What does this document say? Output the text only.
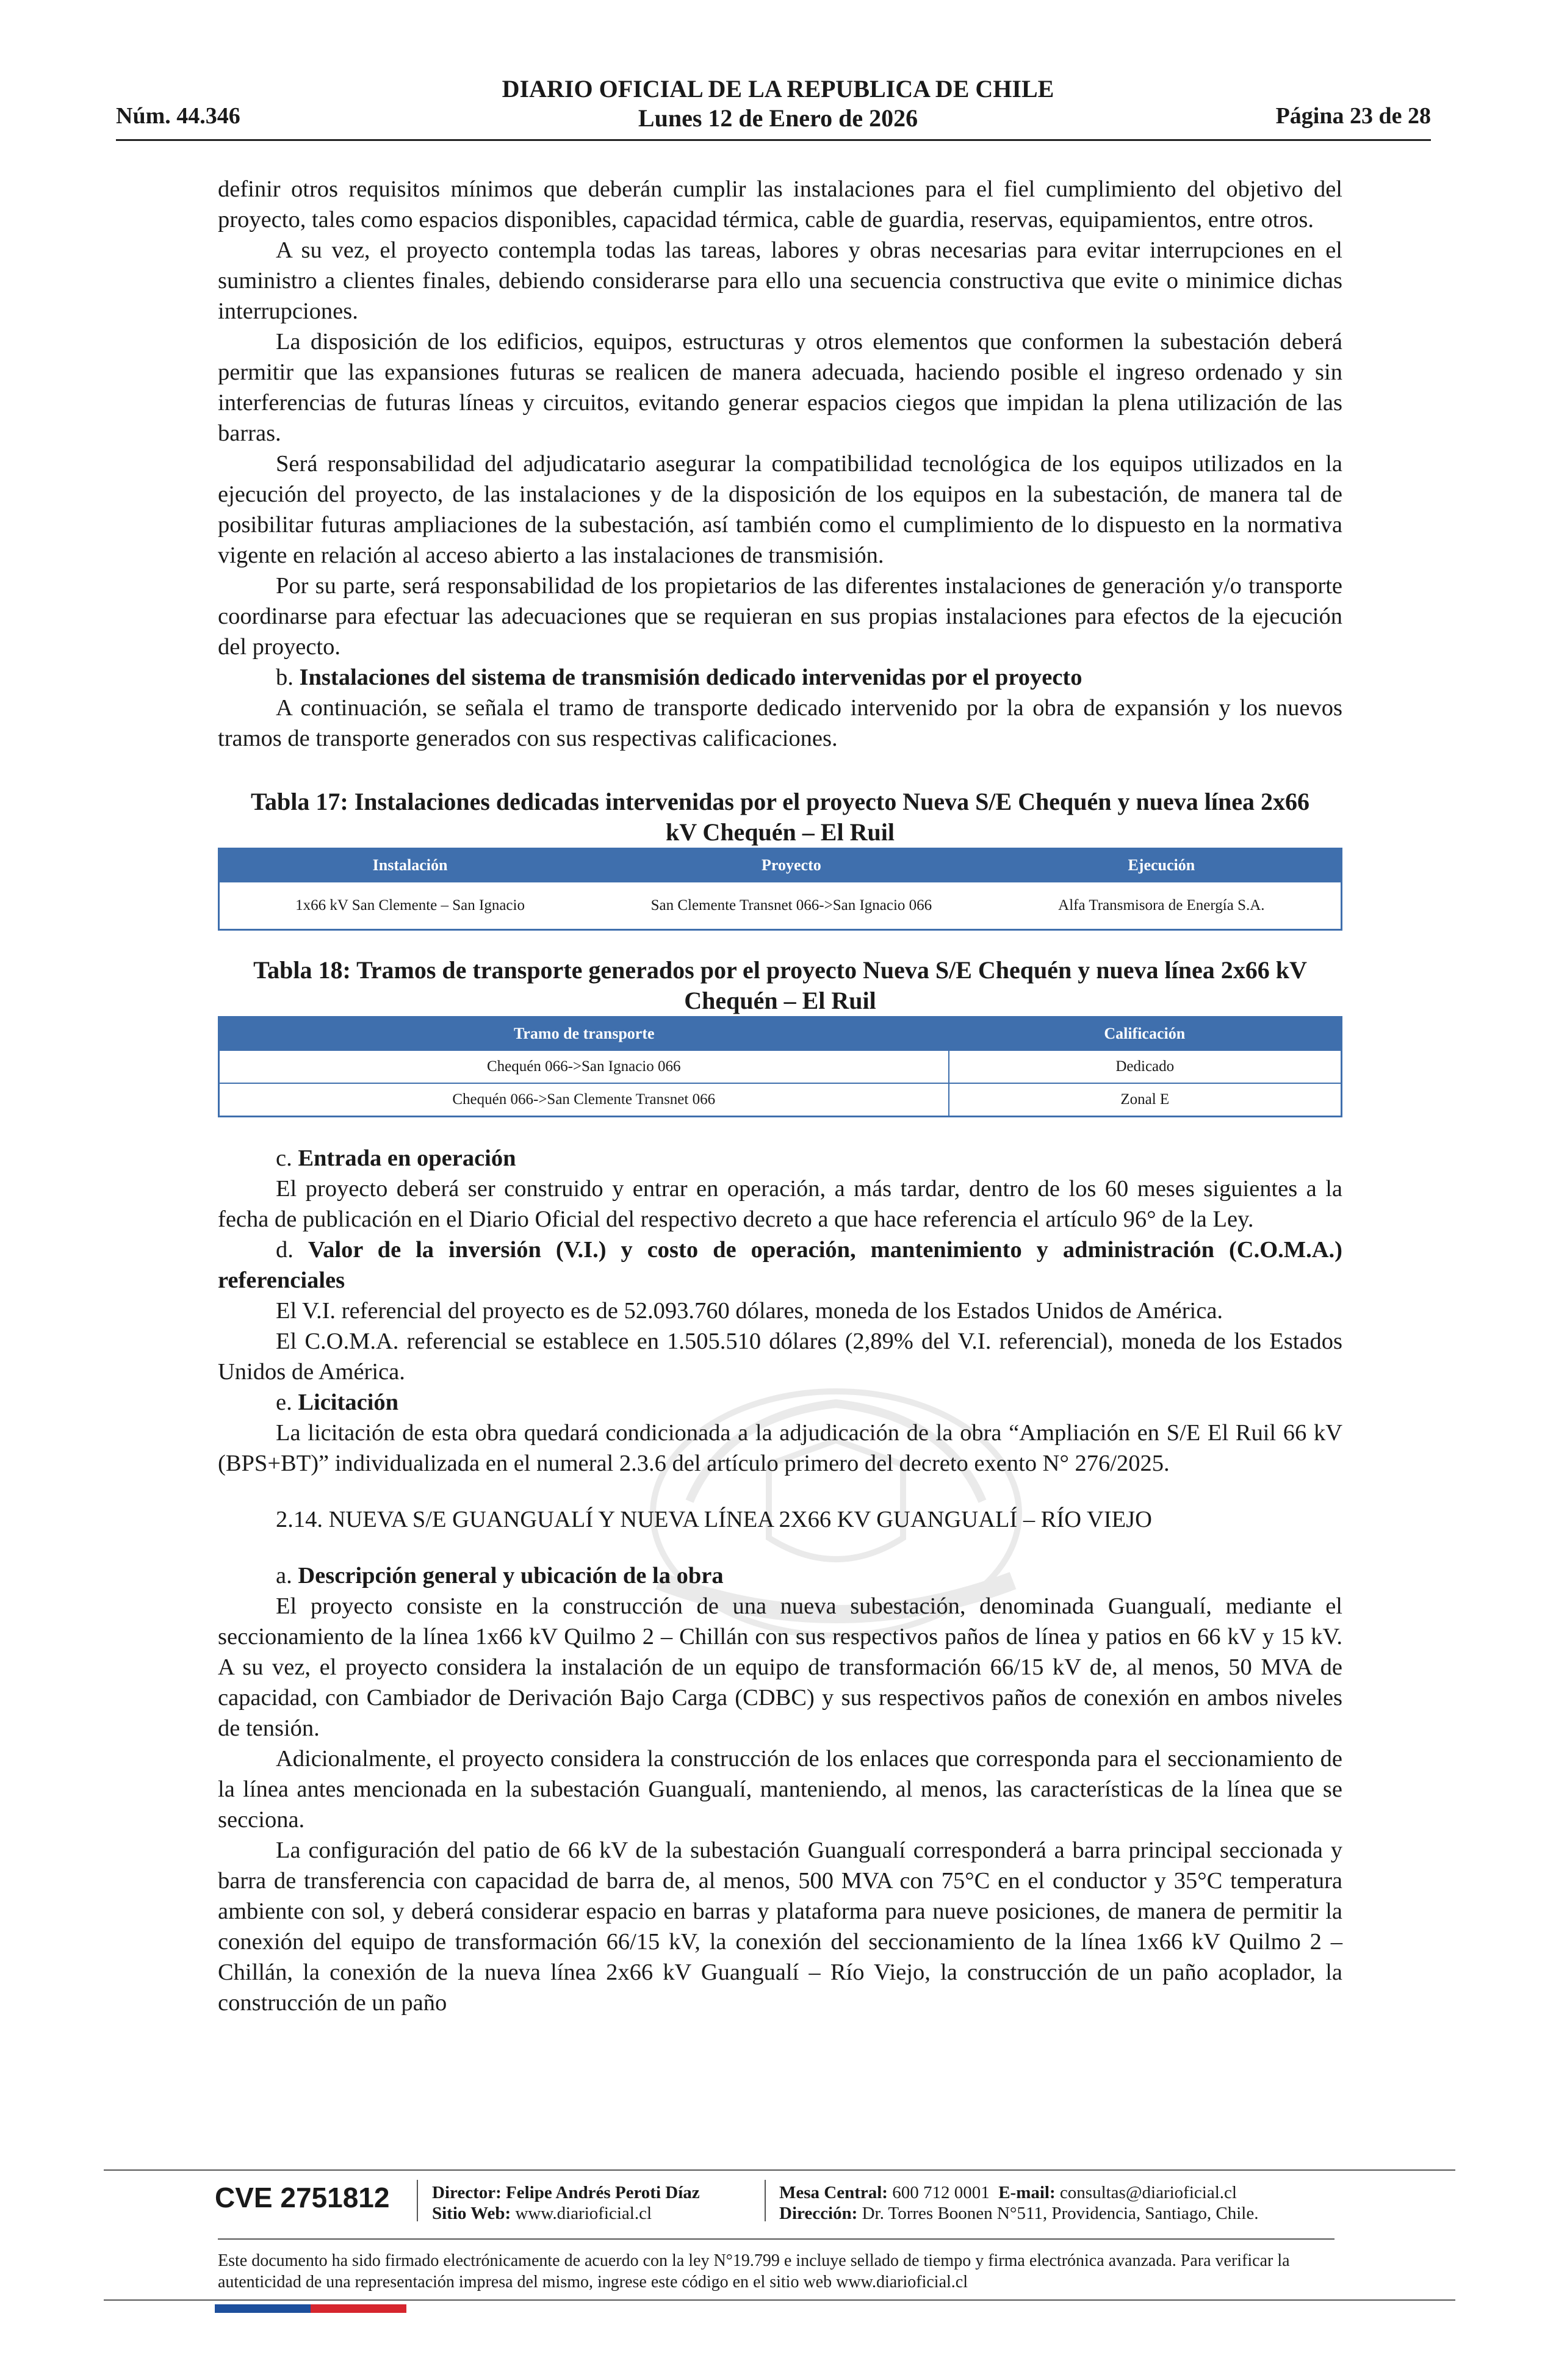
Núm. 44.346
DIARIO OFICIAL DE LA REPUBLICA DE CHILE
Lunes 12 de Enero de 2026	Página 23 de 28

definir otros requisitos mínimos que deberán cumplir las instalaciones para el fiel cumplimiento del objetivo del proyecto, tales como espacios disponibles, capacidad térmica, cable de guardia, reservas, equipamientos, entre otros.

A su vez, el proyecto contempla todas las tareas, labores y obras necesarias para evitar interrupciones en el suministro a clientes finales, debiendo considerarse para ello una secuencia constructiva que evite o minimice dichas interrupciones.

La disposición de los edificios, equipos, estructuras y otros elementos que conformen la subestación deberá permitir que las expansiones futuras se realicen de manera adecuada, haciendo posible el ingreso ordenado y sin interferencias de futuras líneas y circuitos, evitando generar espacios ciegos que impidan la plena utilización de las barras.

Será responsabilidad del adjudicatario asegurar la compatibilidad tecnológica de los equipos utilizados en la ejecución del proyecto, de las instalaciones y de la disposición de los equipos en la subestación, de manera tal de posibilitar futuras ampliaciones de la subestación, así también como el cumplimiento de lo dispuesto en la normativa vigente en relación al acceso abierto a las instalaciones de transmisión.

Por su parte, será responsabilidad de los propietarios de las diferentes instalaciones de generación y/o transporte coordinarse para efectuar las adecuaciones que se requieran en sus propias instalaciones para efectos de la ejecución del proyecto.

b. Instalaciones del sistema de transmisión dedicado intervenidas por el proyecto

A continuación, se señala el tramo de transporte dedicado intervenido por la obra de expansión y los nuevos tramos de transporte generados con sus respectivas calificaciones.

Tabla 17: Instalaciones dedicadas intervenidas por el proyecto Nueva S/E Chequén y nueva línea 2x66 kV Chequén – El Ruil
Instalación	Proyecto	Ejecución
1x66 kV San Clemente – San Ignacio	San Clemente Transnet 066->San Ignacio 066	Alfa Transmisora de Energía S.A.
Tabla 18: Tramos de transporte generados por el proyecto Nueva S/E Chequén y nueva línea 2x66 kV Chequén – El Ruil
Tramo de transporte	Calificación
Chequén 066->San Ignacio 066	Dedicado
Chequén 066->San Clemente Transnet 066	Zonal E
c. Entrada en operación

El proyecto deberá ser construido y entrar en operación, a más tardar, dentro de los 60 meses siguientes a la fecha de publicación en el Diario Oficial del respectivo decreto a que hace referencia el artículo 96° de la Ley.

d. Valor de la inversión (V.I.) y costo de operación, mantenimiento y administración (C.O.M.A.) referenciales

El V.I. referencial del proyecto es de 52.093.760 dólares, moneda de los Estados Unidos de América.

El C.O.M.A. referencial se establece en 1.505.510 dólares (2,89% del V.I. referencial), moneda de los Estados Unidos de América.

e. Licitación

La licitación de esta obra quedará condicionada a la adjudicación de la obra “Ampliación en S/E El Ruil 66 kV (BPS+BT)” individualizada en el numeral 2.3.6 del artículo primero del decreto exento N° 276/2025.

2.14. NUEVA S/E GUANGUALÍ Y NUEVA LÍNEA 2X66 KV GUANGUALÍ – RÍO VIEJO
a. Descripción general y ubicación de la obra

El proyecto consiste en la construcción de una nueva subestación, denominada Guangualí, mediante el seccionamiento de la línea 1x66 kV Quilmo 2 – Chillán con sus respectivos paños de línea y patios en 66 kV y 15 kV. A su vez, el proyecto considera la instalación de un equipo de transformación 66/15 kV de, al menos, 50 MVA de capacidad, con Cambiador de Derivación Bajo Carga (CDBC) y sus respectivos paños de conexión en ambos niveles de tensión.

Adicionalmente, el proyecto considera la construcción de los enlaces que corresponda para el seccionamiento de la línea antes mencionada en la subestación Guangualí, manteniendo, al menos, las características de la línea que se secciona.

La configuración del patio de 66 kV de la subestación Guangualí corresponderá a barra principal seccionada y barra de transferencia con capacidad de barra de, al menos, 500 MVA con 75°C en el conductor y 35°C temperatura ambiente con sol, y deberá considerar espacio en barras y plataforma para nueve posiciones, de manera de permitir la conexión del equipo de transformación 66/15 kV, la conexión del seccionamiento de la línea 1x66 kV Quilmo 2 – Chillán, la conexión de la nueva línea 2x66 kV Guangualí – Río Viejo, la construcción de un paño acoplador, la construcción de un paño

CVE 2751812 Director: Felipe Andrés Peroti Díaz
Sitio Web: www.diarioficial.cl
Mesa Central: 600 712 0001 E-mail: consultas@diarioficial.cl
Dirección: Dr. Torres Boonen N°511, Providencia, Santiago, Chile.
Este documento ha sido firmado electrónicamente de acuerdo con la ley N°19.799 e incluye sellado de tiempo y firma electrónica avanzada. Para verificar la autenticidad de una representación impresa del mismo, ingrese este código en el sitio web www.diarioficial.cl
